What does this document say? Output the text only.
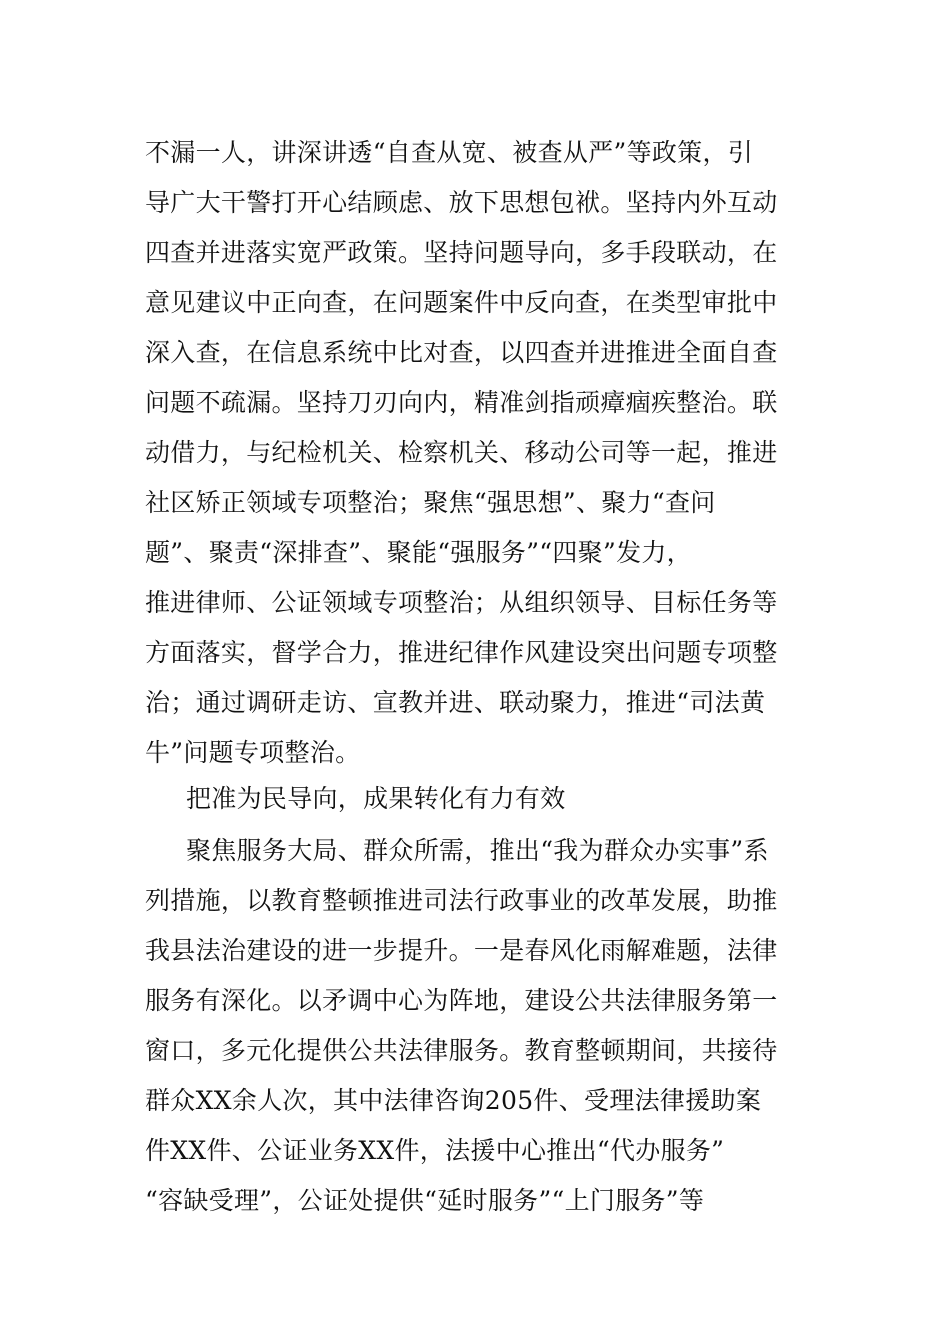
不漏一人，讲深讲透“自查从宽、被查从严”等政策，引
导广大干警打开心结顾虑、放下思想包袱。坚持内外互动
四查并进落实宽严政策。坚持问题导向，多手段联动，在
意见建议中正向查，在问题案件中反向查，在类型审批中
深入查，在信息系统中比对查，以四查并进推进全面自查
问题不疏漏。坚持刀刃向内，精准剑指顽瘴痼疾整治。联
动借力，与纪检机关、检察机关、移动公司等一起，推进
社区矫正领域专项整治；聚焦“强思想”、聚力“查问
题”、聚责“深排查”、聚能“强服务”“四聚”发力，
推进律师、公证领域专项整治；从组织领导、目标任务等
方面落实，督学合力，推进纪律作风建设突出问题专项整
治；通过调研走访、宣教并进、联动聚力，推进“司法黄
牛”问题专项整治。
把准为民导向，成果转化有力有效
聚焦服务大局、群众所需，推出“我为群众办实事”系
列措施，以教育整顿推进司法行政事业的改革发展，助推
我县法治建设的进一步提升。一是春风化雨解难题，法律
服务有深化。以矛调中心为阵地，建设公共法律服务第一
窗口，多元化提供公共法律服务。教育整顿期间，共接待
群众XX余人次，其中法律咨询205件、受理法律援助案
件XX件、公证业务XX件，法援中心推出“代办服务”
“容缺受理”，公证处提供“延时服务”“上门服务”等
